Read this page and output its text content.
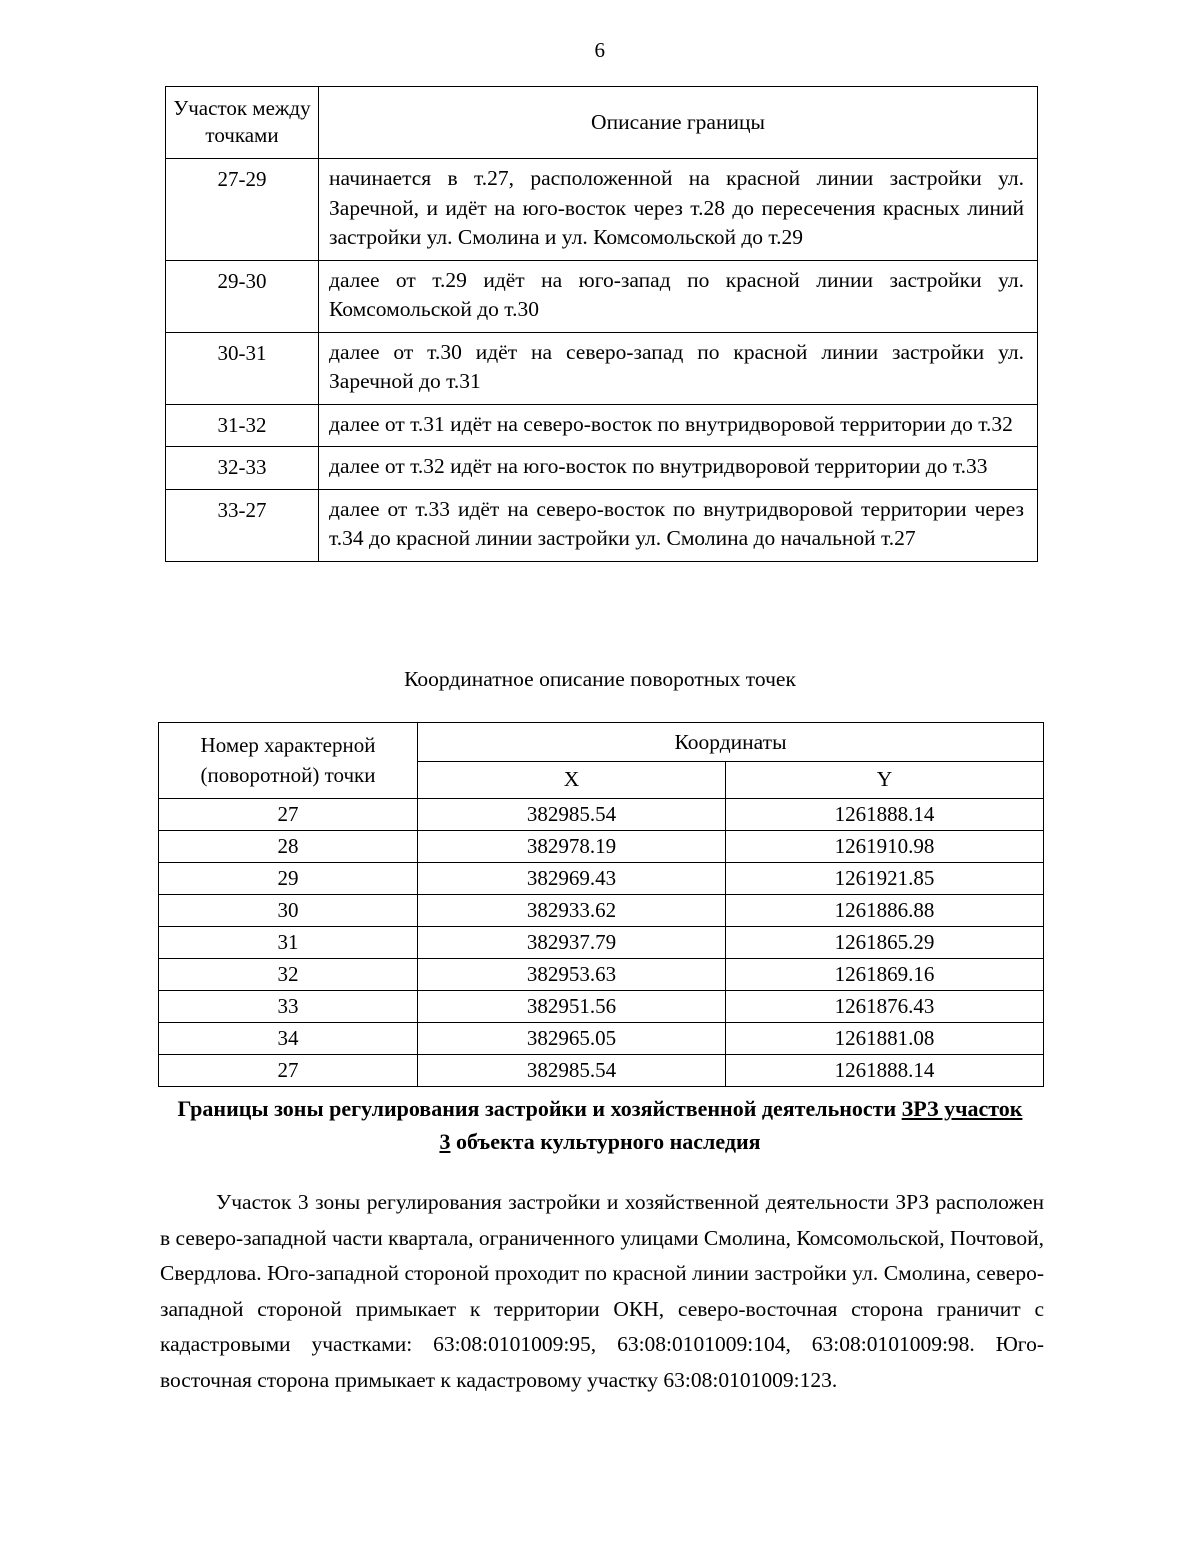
6
Участок между точками	Описание границы
27-29	начинается в т.27, расположенной на красной линии застройки ул. Заречной, и идёт на юго-восток через т.28 до пересечения красных линий застройки ул. Смолина и ул. Комсомольской до т.29
29-30	далее от т.29 идёт на юго-запад по красной линии застройки ул. Комсомольской до т.30
30-31	далее от т.30 идёт на северо-запад по красной линии застройки ул. Заречной до т.31
31-32	далее от т.31 идёт на северо-восток по внутридворовой территории до т.32
32-33	далее от т.32 идёт на юго-восток по внутридворовой территории до т.33
33-27	далее от т.33 идёт на северо-восток по внутридворовой территории через т.34 до красной линии застройки ул. Смолина до начальной т.27
Координатное описание поворотных точек
Номер характерной (поворотной) точки	Координаты	
	X	Y
27	382985.54	1261888.14
28	382978.19	1261910.98
29	382969.43	1261921.85
30	382933.62	1261886.88
31	382937.79	1261865.29
32	382953.63	1261869.16
33	382951.56	1261876.43
34	382965.05	1261881.08
27	382985.54	1261888.14
Границы зоны регулирования застройки и хозяйственной деятельности ЗРЗ участок 3 объекта культурного наследия
Участок 3 зоны регулирования застройки и хозяйственной деятельности ЗРЗ расположен в северо-западной части квартала, ограниченного улицами Смолина, Комсомольской, Почтовой, Свердлова. Юго-западной стороной проходит по красной линии застройки ул. Смолина, северо-западной стороной примыкает к территории ОКН, северо-восточная сторона граничит с кадастровыми участками: 63:08:0101009:95, 63:08:0101009:104, 63:08:0101009:98. Юго-восточная сторона примыкает к кадастровому участку 63:08:0101009:123.
